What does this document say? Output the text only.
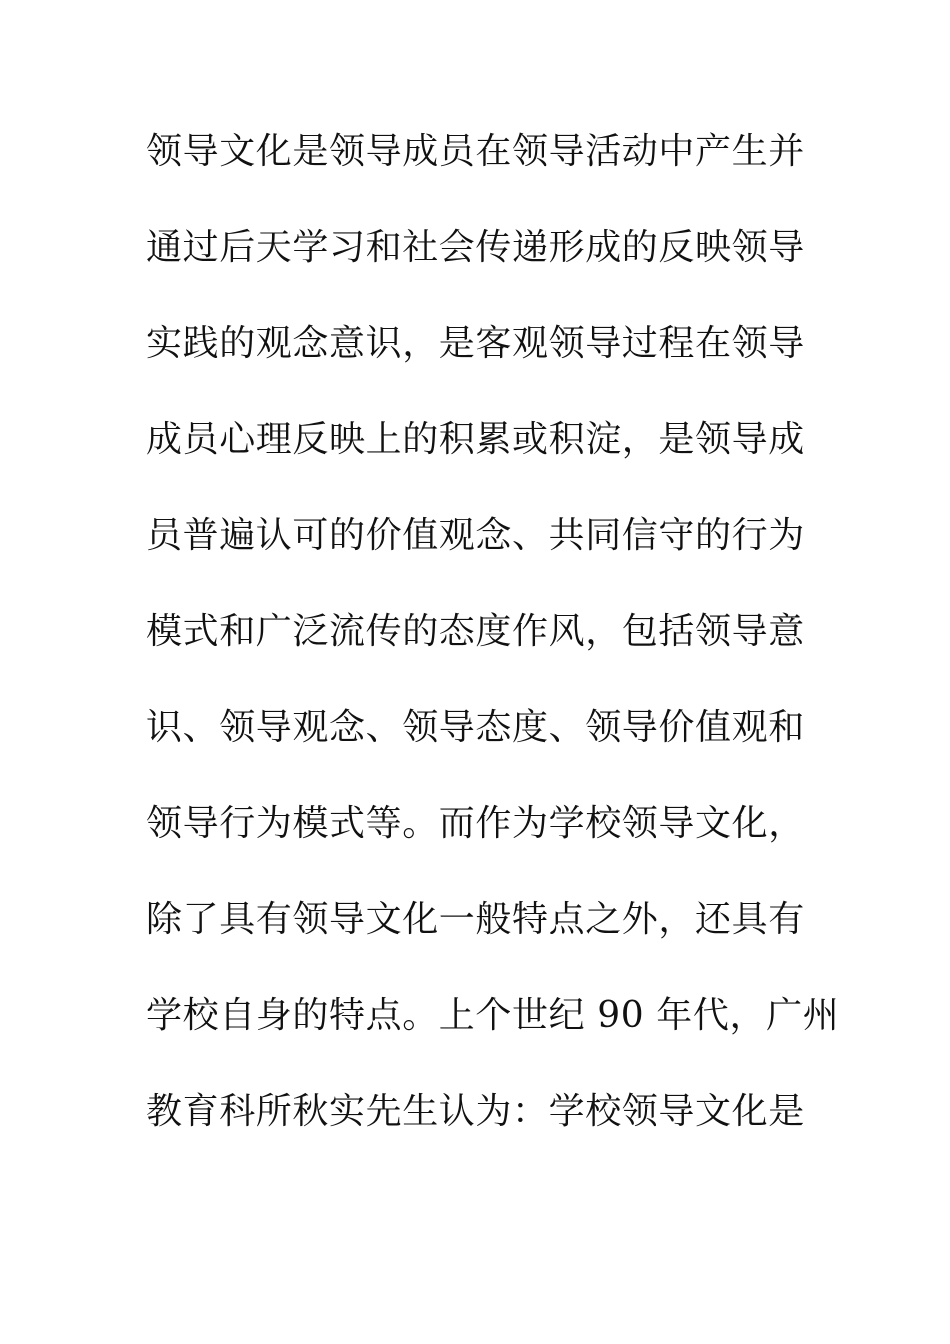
领导文化是领导成员在领导活动中产生并
通过后天学习和社会传递形成的反映领导
实践的观念意识，是客观领导过程在领导
成员心理反映上的积累或积淀，是领导成
员普遍认可的价值观念、共同信守的行为
模式和广泛流传的态度作风，包括领导意
识、领导观念、领导态度、领导价值观和
领导行为模式等。而作为学校领导文化，
除了具有领导文化一般特点之外，还具有
学校自身的特点。上个世纪 90 年代，广州
教育科所秋实先生认为：学校领导文化是
